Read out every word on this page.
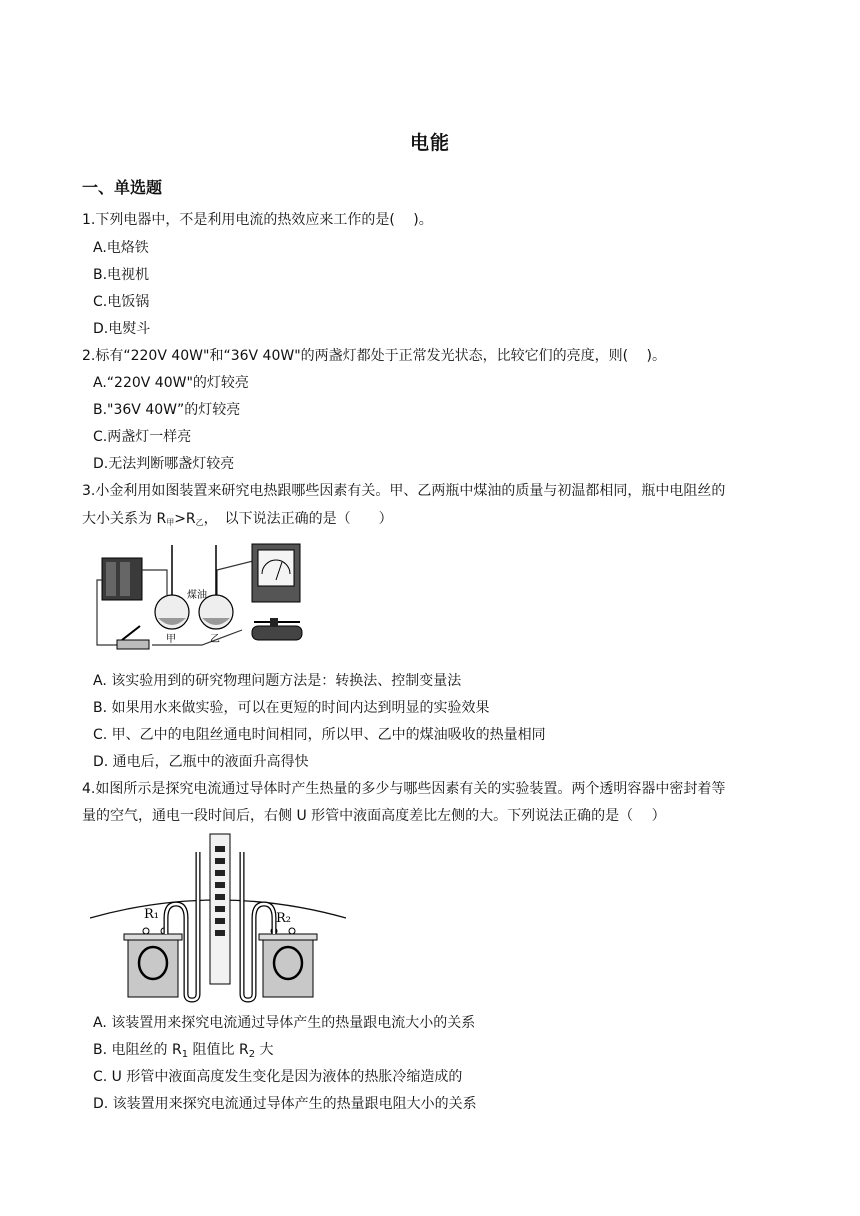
电能
一、单选题
1.下列电器中，不是利用电流的热效应来工作的是(　 )。
A.电烙铁
B.电视机
C.电饭锅
D.电熨斗
2.标有“220V 40W"和“36V 40W"的两盏灯都处于正常发光状态，比较它们的亮度，则(　 )。
A.“220V 40W"的灯较亮
B."36V 40W”的灯较亮
C.两盏灯一样亮
D.无法判断哪盏灯较亮
3.小金利用如图装置来研究电热跟哪些因素有关。甲、乙两瓶中煤油的质量与初温都相同，瓶中电阻丝的
大小关系为 $R_甲>R_乙$，　以下说法正确的是（　　）
煤油
甲	乙
A. 该实验用到的研究物理问题方法是：转换法、控制变量法
B. 如果用水来做实验，可以在更短的时间内达到明显的实验效果
C. 甲、乙中的电阻丝通电时间相同，所以甲、乙中的煤油吸收的热量相同
D. 通电后，乙瓶中的液面升高得快
4.如图所示是探究电流通过导体时产生热量的多少与哪些因素有关的实验装置。两个透明容器中密封着等
量的空气，通电一段时间后，右侧 U 形管中液面高度差比左侧的大。下列说法正确的是（　 ）
R₁	R₂
A. 该装置用来探究电流通过导体产生的热量跟电流大小的关系
B. 电阻丝的 $R_1$ 阻值比 $R_2$ 大
C. U 形管中液面高度发生变化是因为液体的热胀冷缩造成的
D. 该装置用来探究电流通过导体产生的热量跟电阻大小的关系
